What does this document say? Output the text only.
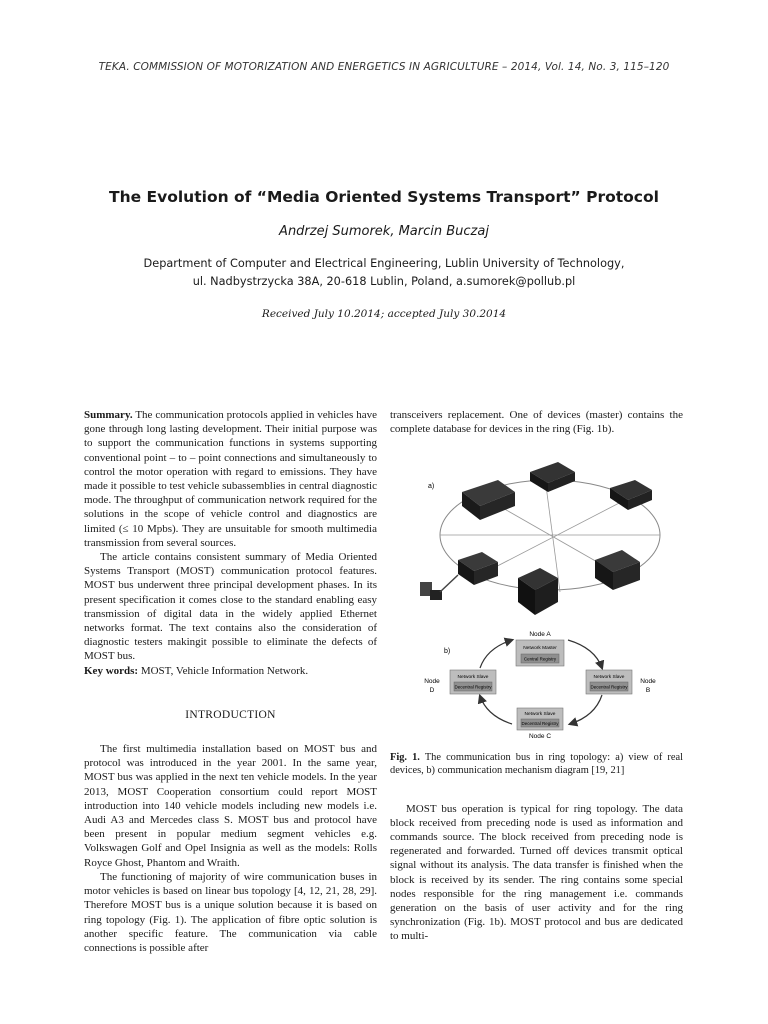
TEKA. COMMISSION OF MOTORIZATION AND ENERGETICS IN AGRICULTURE – 2014, Vol. 14, No. 3, 115–120
The Evolution of “Media Oriented Systems Transport” Protocol
Andrzej Sumorek, Marcin Buczaj
Department of Computer and Electrical Engineering, Lublin University of Technology,
ul. Nadbystrzycka 38A, 20-618 Lublin, Poland, a.sumorek@pollub.pl
Received July 10.2014; accepted July 30.2014

Summary. The communication protocols applied in vehicles have gone through long lasting development. Their initial purpose was to support the communication functions in systems supporting conventional point – to – point connections and simultaneously to control the motor operation with regard to emissions. They have made it possible to test vehicle subassemblies in central diagnostic mode. The throughput of communication network required for the solutions in the scope of vehicle control and diagnostics are limited (≤ 10 Mpbs). They are unsuitable for smooth multimedia transmission from several sources.

The article contains consistent summary of Media Oriented Systems Transport (MOST) communication protocol features. MOST bus underwent three principal development phases. In its present specification it comes close to the standard enabling easy transmission of digital data in the widely applied Ethernet networks format. The text contains also the consideration of diagnostic testers makingit possible to eliminate the defects of MOST bus.

Key words: MOST, Vehicle Information Network.

INTRODUCTION

The first multimedia installation based on MOST bus and protocol was introduced in the year 2001. In the same year, MOST bus was applied in the next ten vehicle models. In the year 2013, MOST Cooperation consortium could report MOST introduction into 140 vehicle models including new models i.e. Audi A3 and Mercedes class S. MOST bus and protocol have been present in popular medium segment vehicles e.g. Volkswagen Golf and Opel Insignia as well as the models: Rolls Royce Ghost, Phantom and Wraith.

The functioning of majority of wire communication buses in motor vehicles is based on linear bus topology [4, 12, 21, 28, 29]. Therefore MOST bus is a unique solution because it is based on ring topology (Fig. 1). The application of fibre optic solution is another specific feature. The communication via cable connections is possible after

transceivers replacement. One of devices (master) contains the complete database for devices in the ring (Fig. 1b).

a)
b)
Node A
Network Master
Central Registry
Node
D
Network Slave
Decentral Registry
Network Slave
Decentral Registry
Node
B
Network Slave
Decentral Registry
Node C

Fig. 1. The communication bus in ring topology: a) view of real devices, b) communication mechanism diagram [19, 21]

MOST bus operation is typical for ring topology. The data block received from preceding node is used as information and commands source. The block received from preceding node is regenerated and forwarded. Turned off devices transmit optical signal without its analysis. The data transfer is finished when the block is received by its sender. The ring contains some special nodes responsible for the ring management i.e. commands generation on the basis of user activity and for the ring synchronization (Fig. 1b). MOST protocol and bus are dedicated to multi-
